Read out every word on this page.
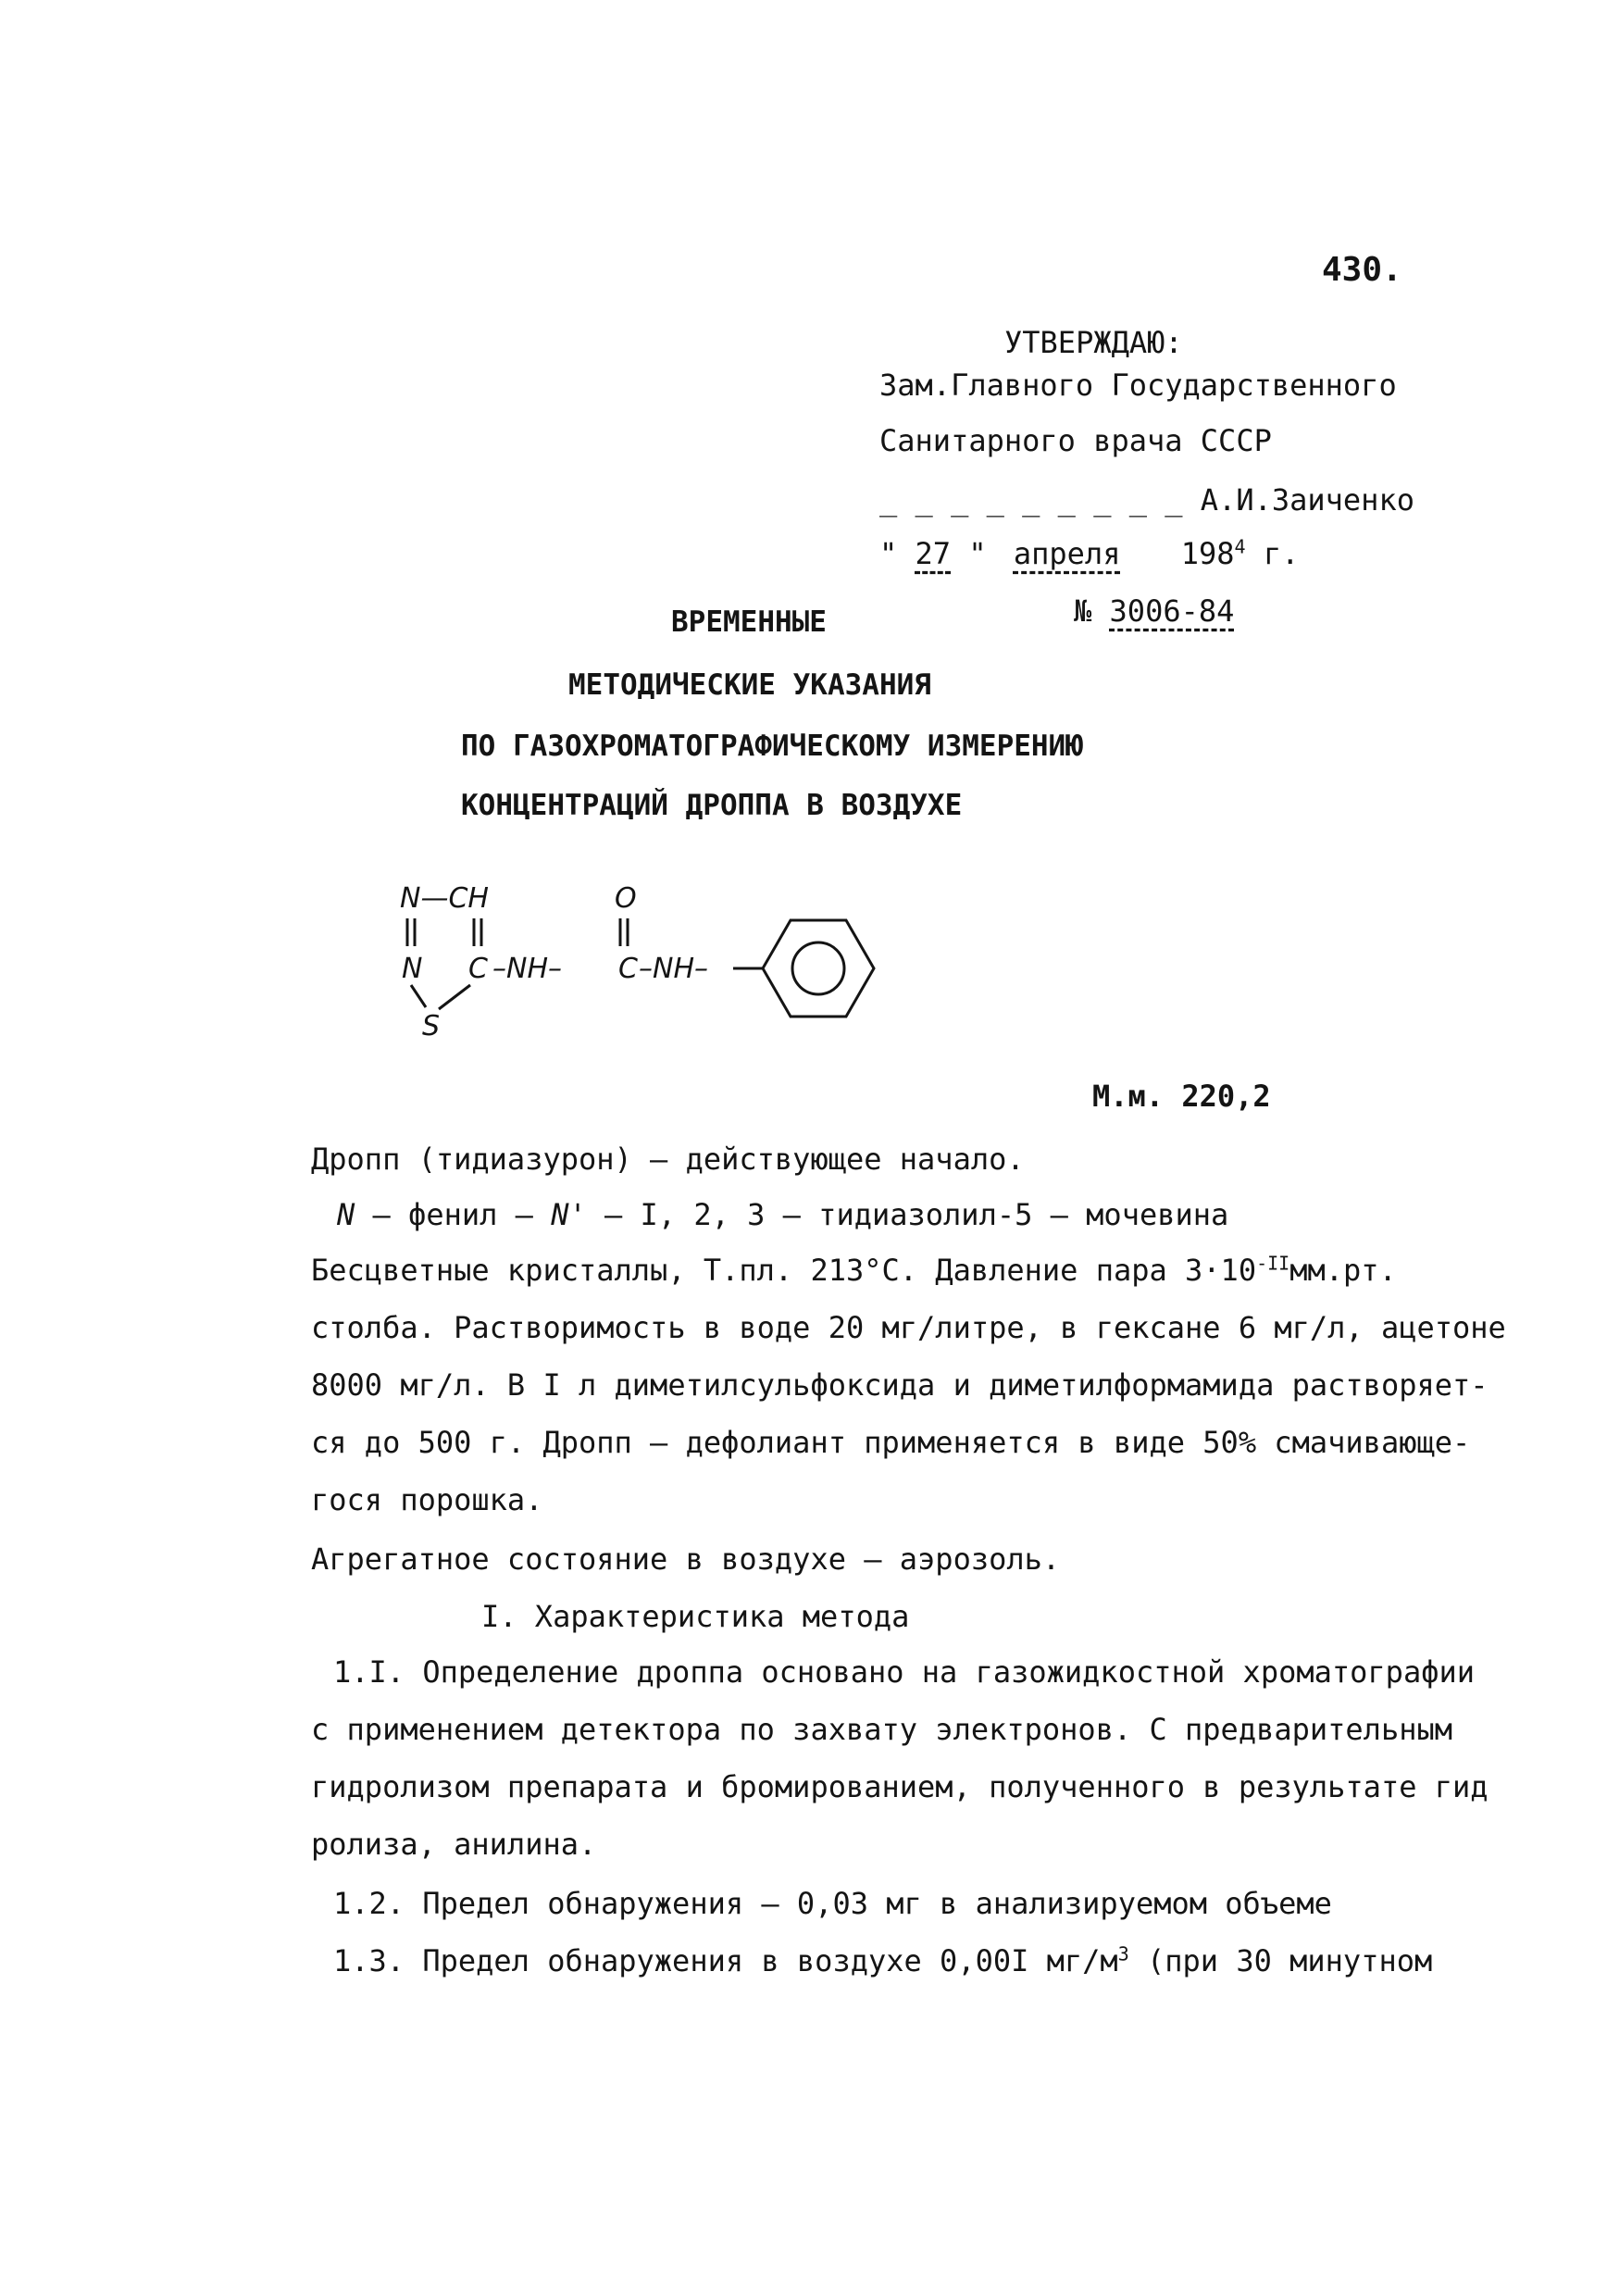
430.
УТВЕРЖДАЮ:
Зам.Главного Государственного
Санитарного врача СССР
_ _ _ _ _ _ _ _ _ А.И.Заиченко
" 27 " апреля $198^4$ г.
№ 3006-84
ВРЕМЕННЫЕ
МЕТОДИЧЕСКИЕ УКАЗАНИЯ
ПО ГАЗОХРОМАТОГРАФИЧЕСКОМУ ИЗМЕРЕНИЮ
КОНЦЕНТРАЦИЙ ДРОППА В ВОЗДУХЕ
N—CH	O
N C –NH– C –NH–
S
М.м. 220,2
Дропп (тидиазурон) – действующее начало.
N – фенил – N' – I, 2, 3 – тидиазолил-5 – мочевина
Бесцветные кристаллы, Т.пл. 213°С. Давление пара $3\cdot 10^{-II}мм.рт$.
столба. Растворимость в воде 20 мг/литре, в гексане 6 мг/л, ацетоне
8000 мг/л. В I л диметилсульфоксида и диметилформамида растворяет-
ся до 500 г. Дропп – дефолиант применяется в виде 50% смачивающе-
гося порошка.
Агрегатное состояние в воздухе – аэрозоль.
I. Характеристика метода
1.I. Определение дроппа основано на газожидкостной хроматографии
с применением детектора по захвату электронов. С предварительным
гидролизом препарата и бромированием, полученного в результате гид
ролиза, анилина.
1.2. Предел обнаружения – 0,03 мг в анализируемом объеме
1.3. Предел обнаружения в воздухе 0,00I $мг/м^3$ (при 30 минутном
